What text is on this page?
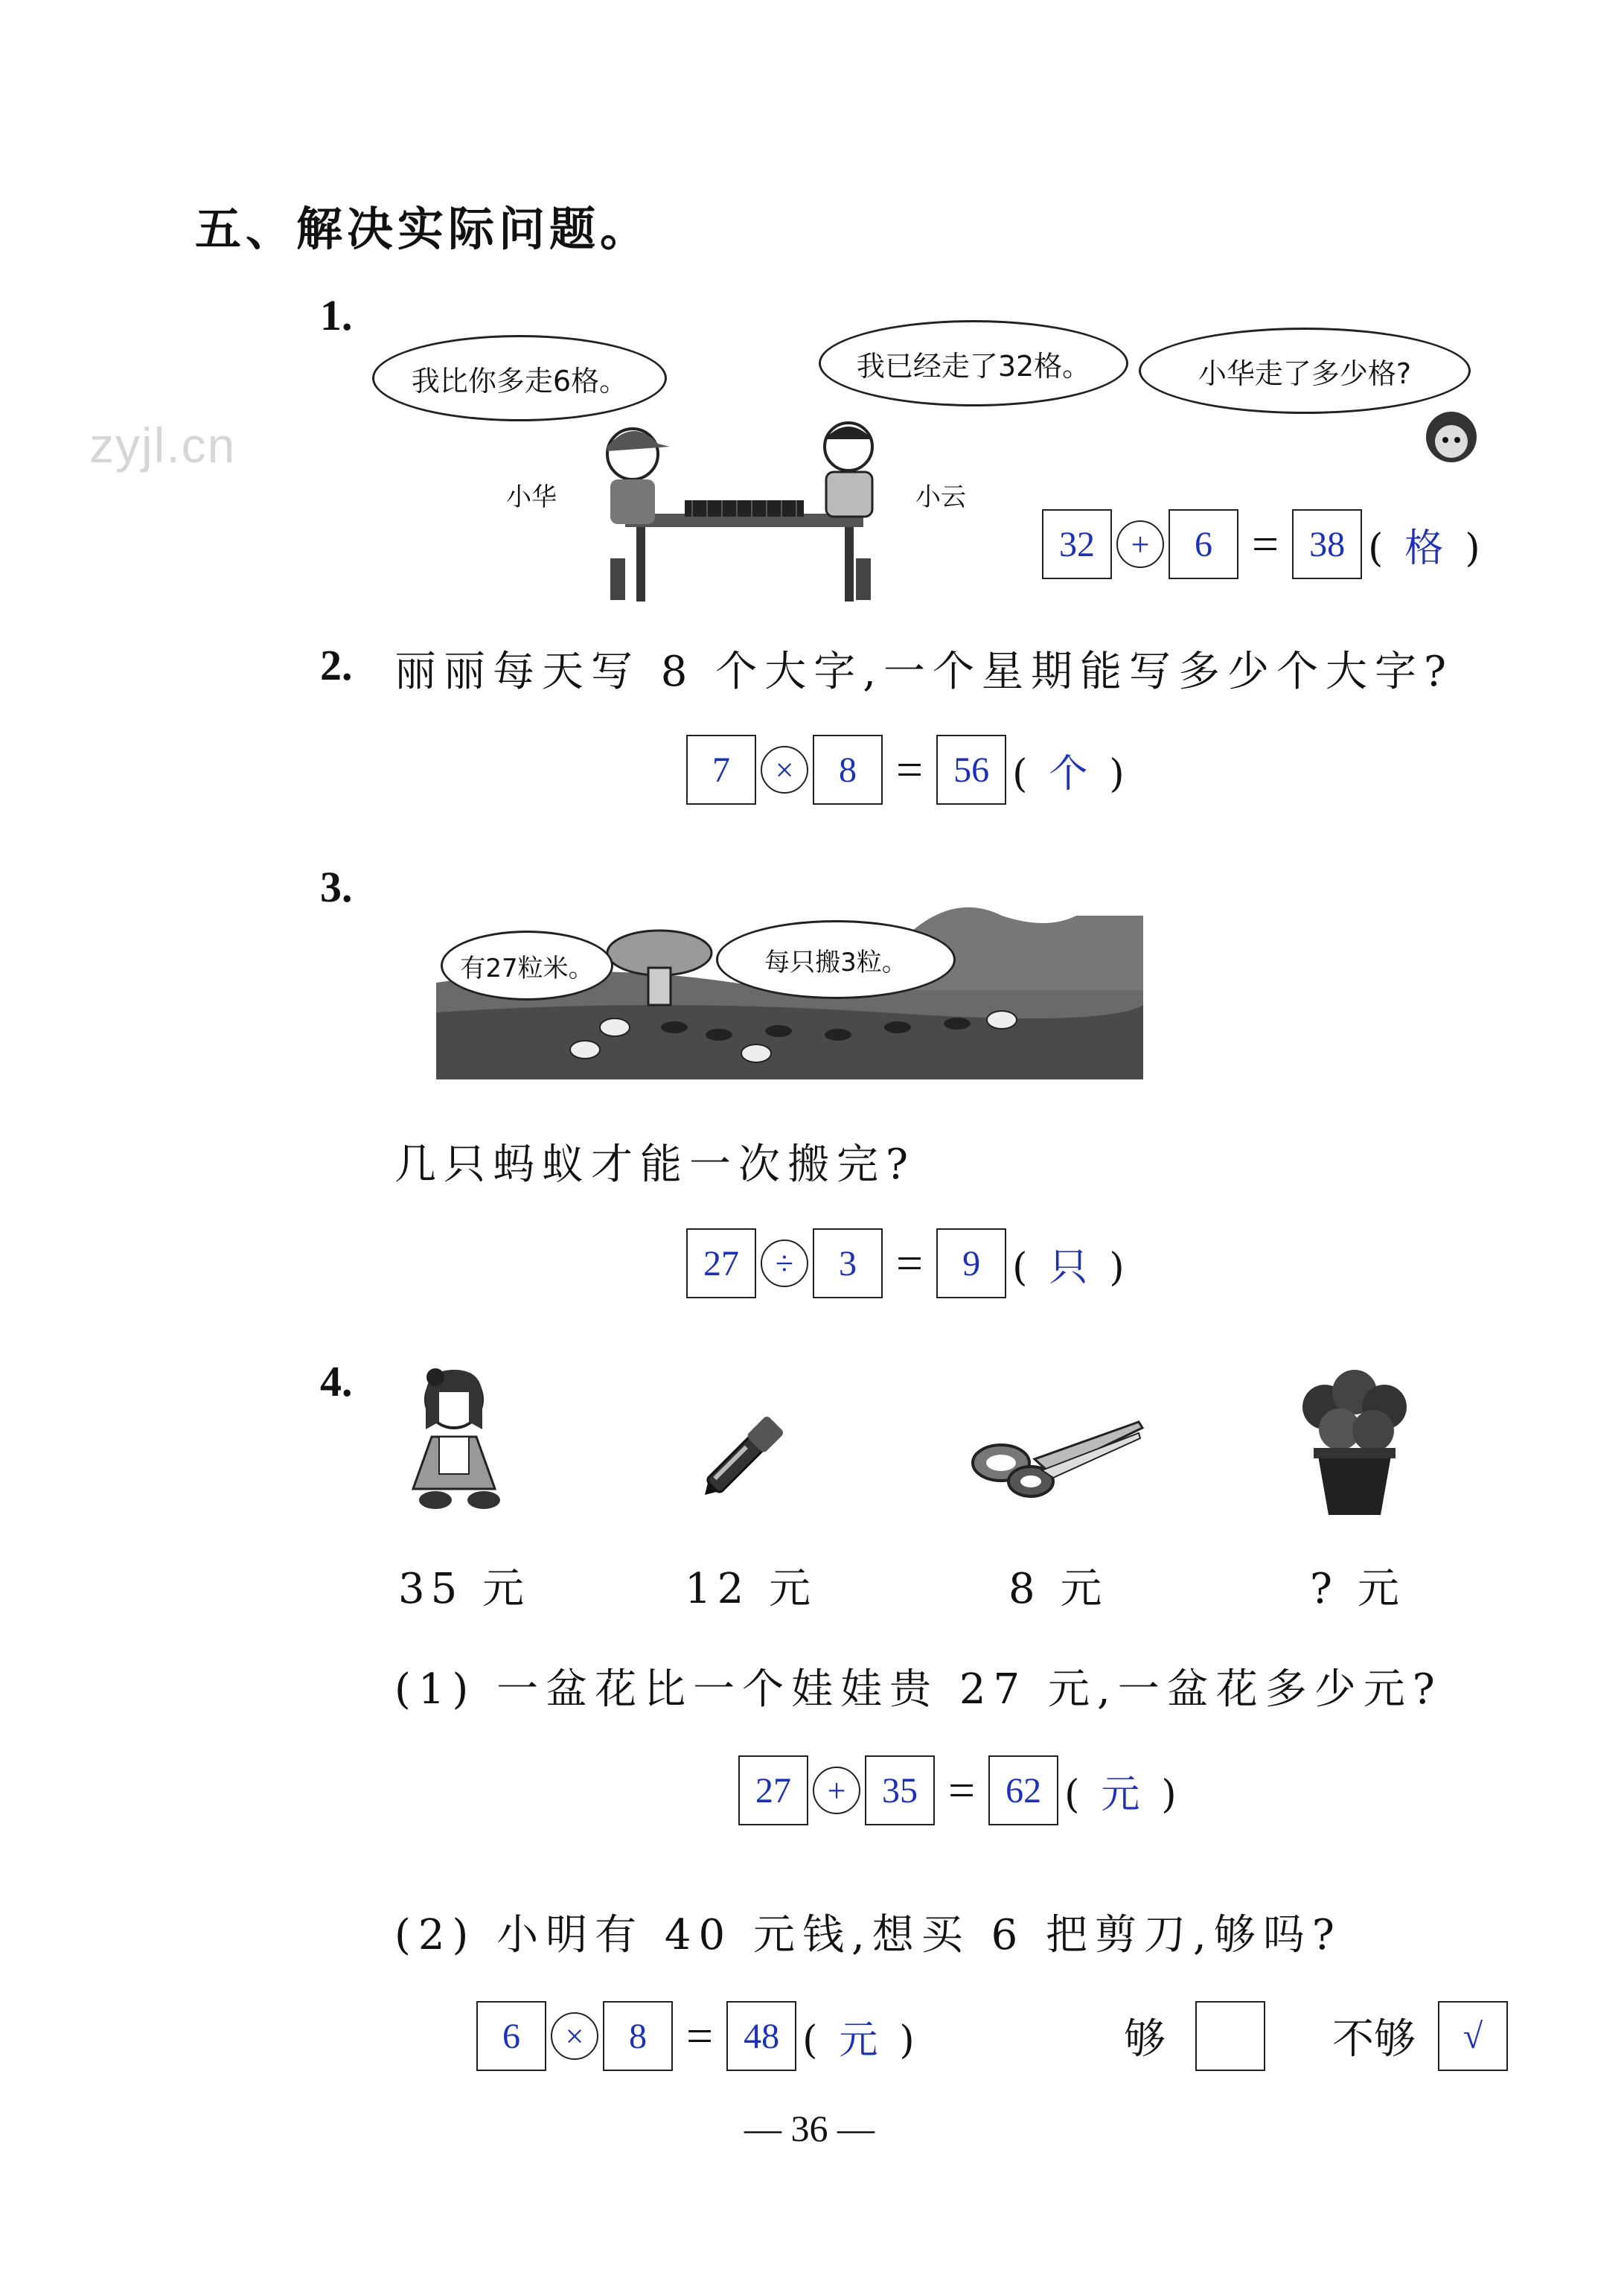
zyjl.cn
五、解决实际问题。
1.
我比你多走6格。	我已经走了32格。	小华走了多少格?
小华	小云
32	+	6 = 38 ( 格 )
2. 丽丽每天写 8 个大字,一个星期能写多少个大字?
7	×	8 = 56 ( 个 )
3.
有27粒米。	每只搬3粒。
几只蚂蚁才能一次搬完?
27	÷	3 =	9 ( 只 )
4.
35 元	12 元	8 元	? 元
(1) 一盆花比一个娃娃贵 27 元,一盆花多少元?
27	+	35 = 62 ( 元 )
(2) 小明有 40 元钱,想买 6 把剪刀,够吗?
6	×	8 = 48 ( 元 )	够	不够	√
— 36 —
